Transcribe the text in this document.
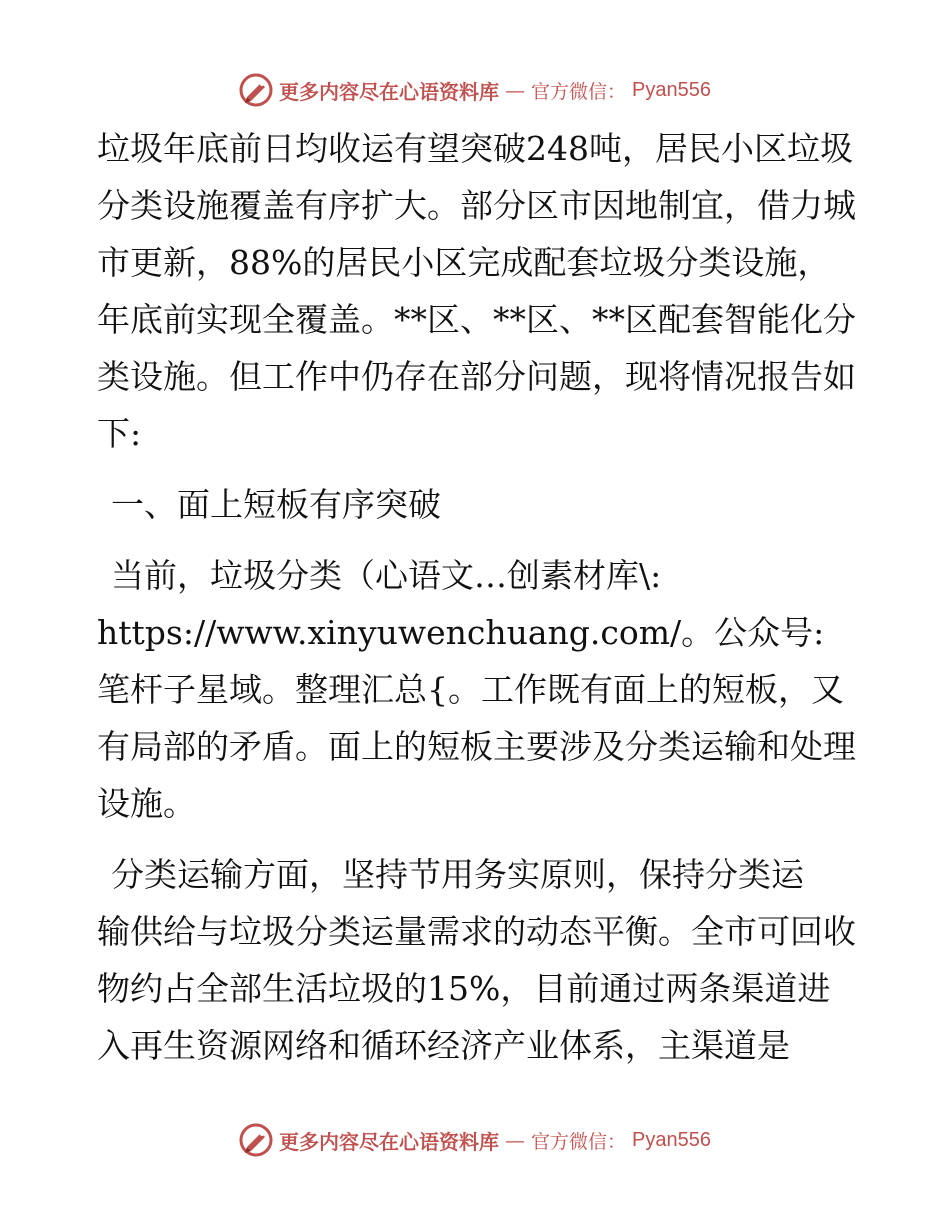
更多内容尽在心语资料库 — 官方微信： Pyan556

垃圾年底前日均收运有望突破248吨，居民小区垃圾分类设施覆盖有序扩大。部分区市因地制宜，借力城市更新，88%的居民小区完成配套垃圾分类设施，年底前实现全覆盖。**区、**区、**区配套智能化分类设施。但工作中仍存在部分问题，现将情况报告如下:

一、面上短板有序突破

当前，垃圾分类（心语文…创素材库\:
https://www.xinyuwenchuang.com/。公众号: 笔杆子星域。整理汇总{。工作既有面上的短板，又有局部的矛盾。面上的短板主要涉及分类运输和处理设施。

分类运输方面，坚持节用务实原则，保持分类运
输供给与垃圾分类运量需求的动态平衡。全市可回收物约占全部生活垃圾的15%，目前通过两条渠道进入再生资源网络和循环经济产业体系，主渠道是

更多内容尽在心语资料库 — 官方微信： Pyan556
